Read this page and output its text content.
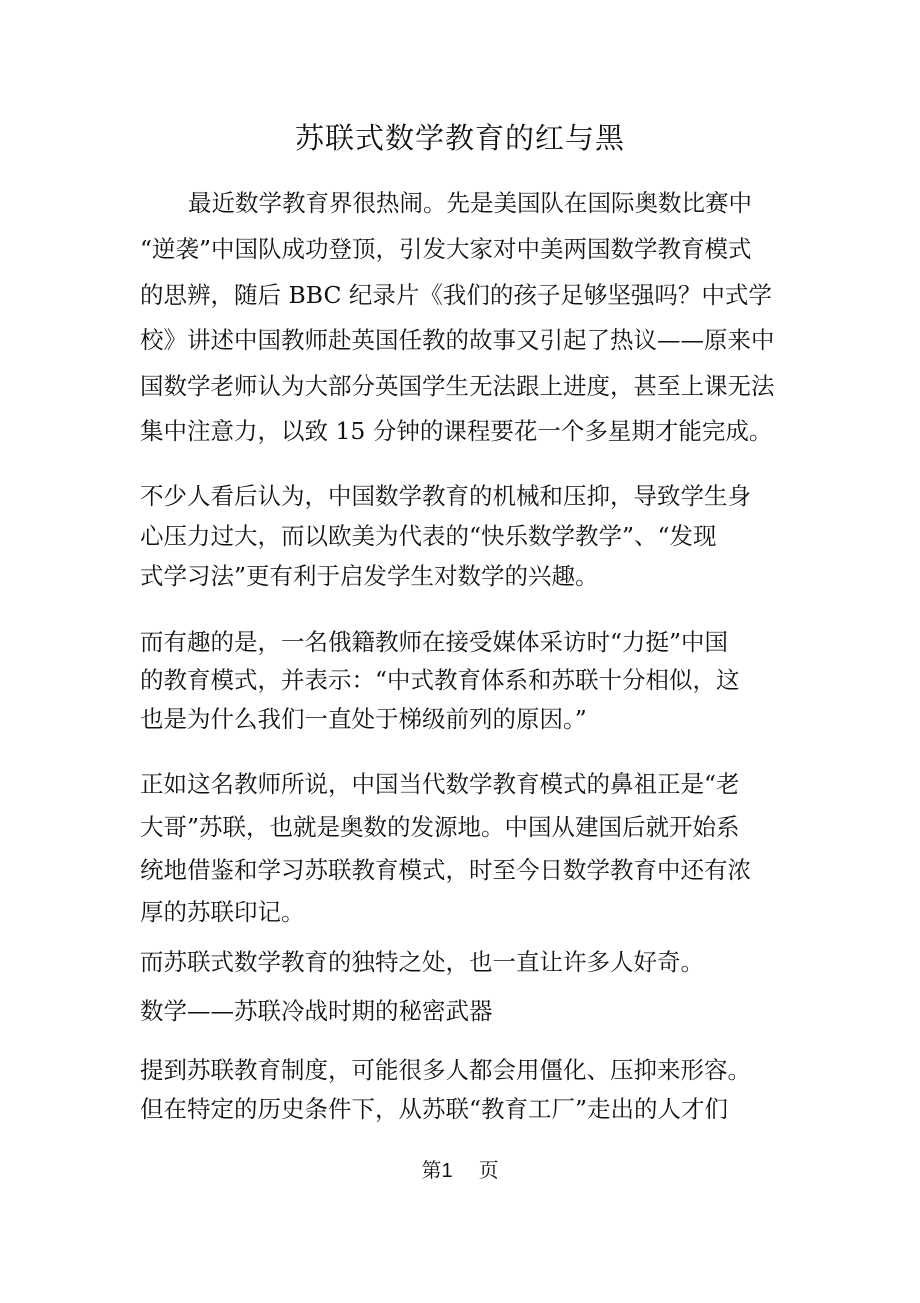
苏联式数学教育的红与黑

最近数学教育界很热闹。先是美国队在国际奥数比赛中

“逆袭”中国队成功登顶，引发大家对中美两国数学教育模式

的思辨，随后 BBC 纪录片《我们的孩子足够坚强吗？中式学

校》讲述中国教师赴英国任教的故事又引起了热议——原来中

国数学老师认为大部分英国学生无法跟上进度，甚至上课无法

集中注意力，以致 15 分钟的课程要花一个多星期才能完成。

不少人看后认为，中国数学教育的机械和压抑，导致学生身

心压力过大，而以欧美为代表的“快乐数学教学”、“发现

式学习法”更有利于启发学生对数学的兴趣。

而有趣的是，一名俄籍教师在接受媒体采访时“力挺”中国

的教育模式，并表示：“中式教育体系和苏联十分相似，这

也是为什么我们一直处于梯级前列的原因。”

正如这名教师所说，中国当代数学教育模式的鼻祖正是“老

大哥”苏联，也就是奥数的发源地。中国从建国后就开始系

统地借鉴和学习苏联教育模式，时至今日数学教育中还有浓

厚的苏联印记。

而苏联式数学教育的独特之处，也一直让许多人好奇。

数学——苏联冷战时期的秘密武器

提到苏联教育制度，可能很多人都会用僵化、压抑来形容。

但在特定的历史条件下，从苏联“教育工厂”走出的人才们

第1 页
